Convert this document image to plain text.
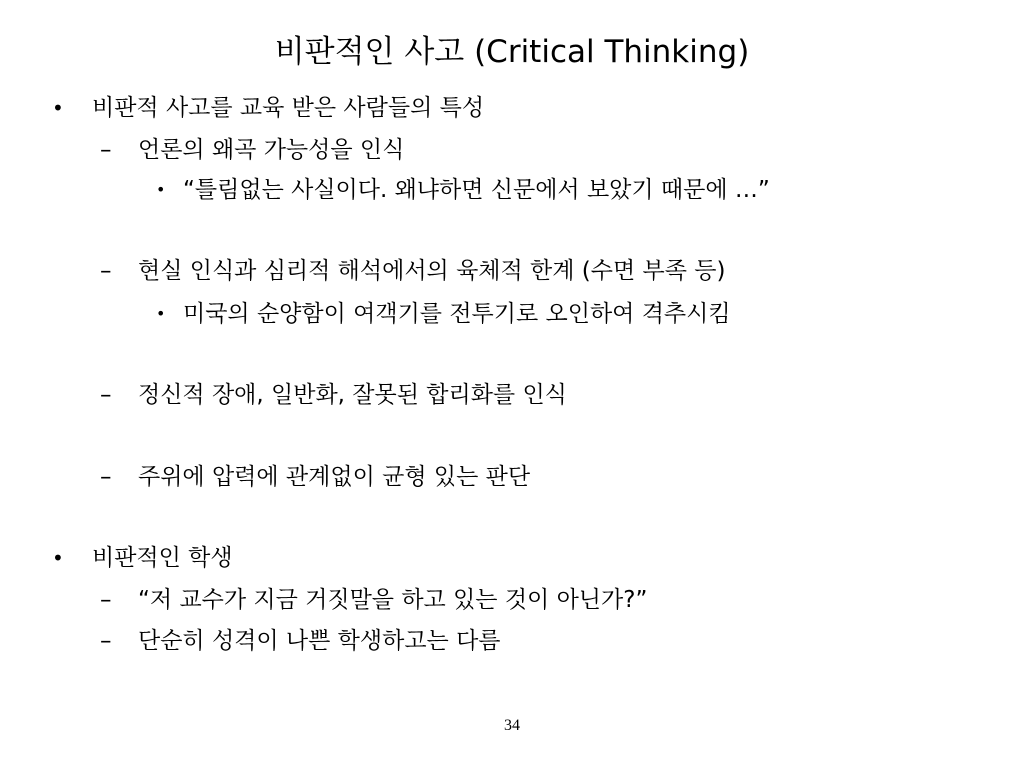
비판적인 사고 (Critical Thinking)
• 비판적 사고를 교육 받은 사람들의 특성
– 언론의 왜곡 가능성을 인식
• “틀림없는 사실이다. 왜냐하면 신문에서 보았기 때문에 …”
– 현실 인식과 심리적 해석에서의 육체적 한계 (수면 부족 등)
• 미국의 순양함이 여객기를 전투기로 오인하여 격추시킴
– 정신적 장애, 일반화, 잘못된 합리화를 인식
– 주위에 압력에 관계없이 균형 있는 판단
• 비판적인 학생
– “저 교수가 지금 거짓말을 하고 있는 것이 아닌가?”
– 단순히 성격이 나쁜 학생하고는 다름
34
